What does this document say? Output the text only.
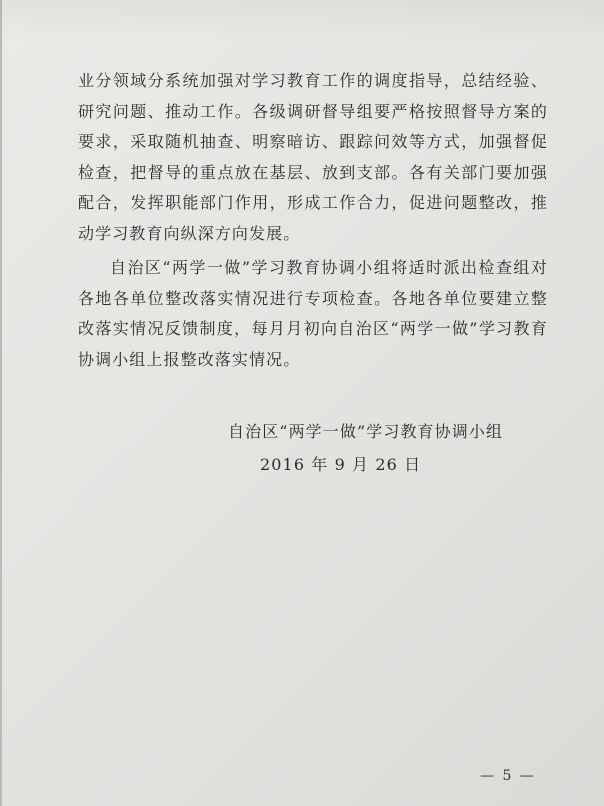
业分领域分系统加强对学习教育工作的调度指导，总结经验、研究问题、推动工作。各级调研督导组要严格按照督导方案的要求，采取随机抽查、明察暗访、跟踪问效等方式，加强督促检查，把督导的重点放在基层、放到支部。各有关部门要加强配合，发挥职能部门作用，形成工作合力，促进问题整改，推动学习教育向纵深方向发展。

自治区“两学一做”学习教育协调小组将适时派出检查组对各地各单位整改落实情况进行专项检查。各地各单位要建立整改落实情况反馈制度，每月月初向自治区“两学一做”学习教育协调小组上报整改落实情况。

自治区“两学一做”学习教育协调小组
2016 年 9 月 26 日
— 5 —
